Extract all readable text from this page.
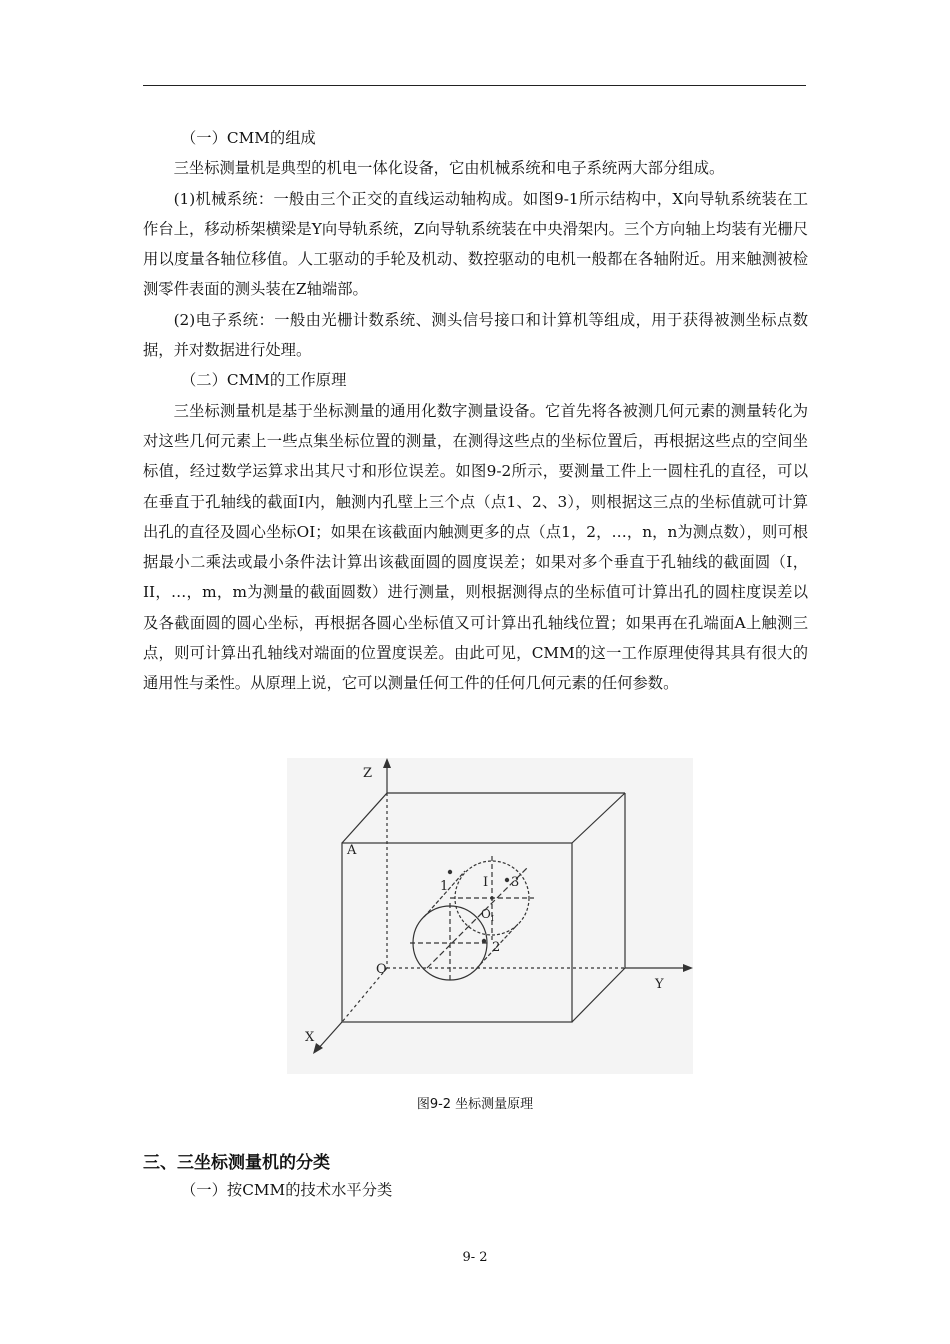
（一）CMM的组成

三坐标测量机是典型的机电一体化设备，它由机械系统和电子系统两大部分组成。

(1)机械系统：一般由三个正交的直线运动轴构成。如图9-1所示结构中，X向导轨系统装在工作台上，移动桥架横梁是Y向导轨系统，Z向导轨系统装在中央滑架内。三个方向轴上均装有光栅尺用以度量各轴位移值。人工驱动的手轮及机动、数控驱动的电机一般都在各轴附近。用来触测被检测零件表面的测头装在Z轴端部。

(2)电子系统：一般由光栅计数系统、测头信号接口和计算机等组成，用于获得被测坐标点数据，并对数据进行处理。

（二）CMM的工作原理

三坐标测量机是基于坐标测量的通用化数字测量设备。它首先将各被测几何元素的测量转化为对这些几何元素上一些点集坐标位置的测量，在测得这些点的坐标位置后，再根据这些点的空间坐标值，经过数学运算求出其尺寸和形位误差。如图9-2所示，要测量工件上一圆柱孔的直径，可以在垂直于孔轴线的截面I内，触测内孔壁上三个点（点1、2、3），则根据这三点的坐标值就可计算出孔的直径及圆心坐标OI；如果在该截面内触测更多的点（点1，2，…，n，n为测点数），则可根据最小二乘法或最小条件法计算出该截面圆的圆度误差；如果对多个垂直于孔轴线的截面圆（I，II，…，m，m为测量的截面圆数）进行测量，则根据测得点的坐标值可计算出孔的圆柱度误差以及各截面圆的圆心坐标，再根据各圆心坐标值又可计算出孔轴线位置；如果再在孔端面A上触测三点，则可计算出孔轴线对端面的位置度误差。由此可见，CMM的这一工作原理使得其具有很大的通用性与柔性。从原理上说，它可以测量任何工件的任何几何元素的任何参数。

Z
Y
X
A
O
I
$O_I$
1
2
3
图9-2 坐标测量原理
三、三坐标测量机的分类

（一）按CMM的技术水平分类

9- 2
